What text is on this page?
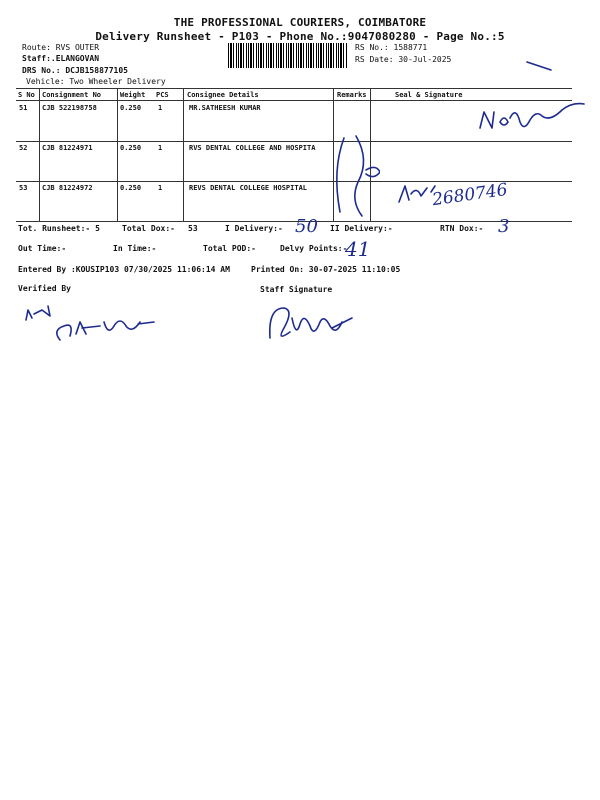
THE PROFESSIONAL COURIERS, COIMBATORE
Delivery Runsheet - P103 - Phone No.:9047080280 - Page No.:5
Route: RVS OUTER
Staff:.ELANGOVAN
DRS No.: DCJB158877105
Vehicle: Two Wheeler Delivery
RS No.: 1588771
RS Date: 30-Jul-2025
S No Consignment No	Weight PCS	Consignee Details	Remarks	Seal & Signature
51 CJB 522198758	0.250 1	MR.SATHEESH KUMAR
52 CJB 81224971	0.250 1	RVS DENTAL COLLEGE AND HOSPITA
53 CJB 81224972	0.250 1	REVS DENTAL COLLEGE HOSPITAL
Tot. Runsheet:- 5	Total Dox:- 53	I Delivery:-	II Delivery:-	RTN Dox:-
Out Time:-	In Time:-	Total POD:-	Delvy Points:-
Entered By :KOUSIP103 07/30/2025 11:06:14 AM	Printed On: 30-07-2025 11:10:05
Verified By	Staff Signature
50
41
3
2680746
